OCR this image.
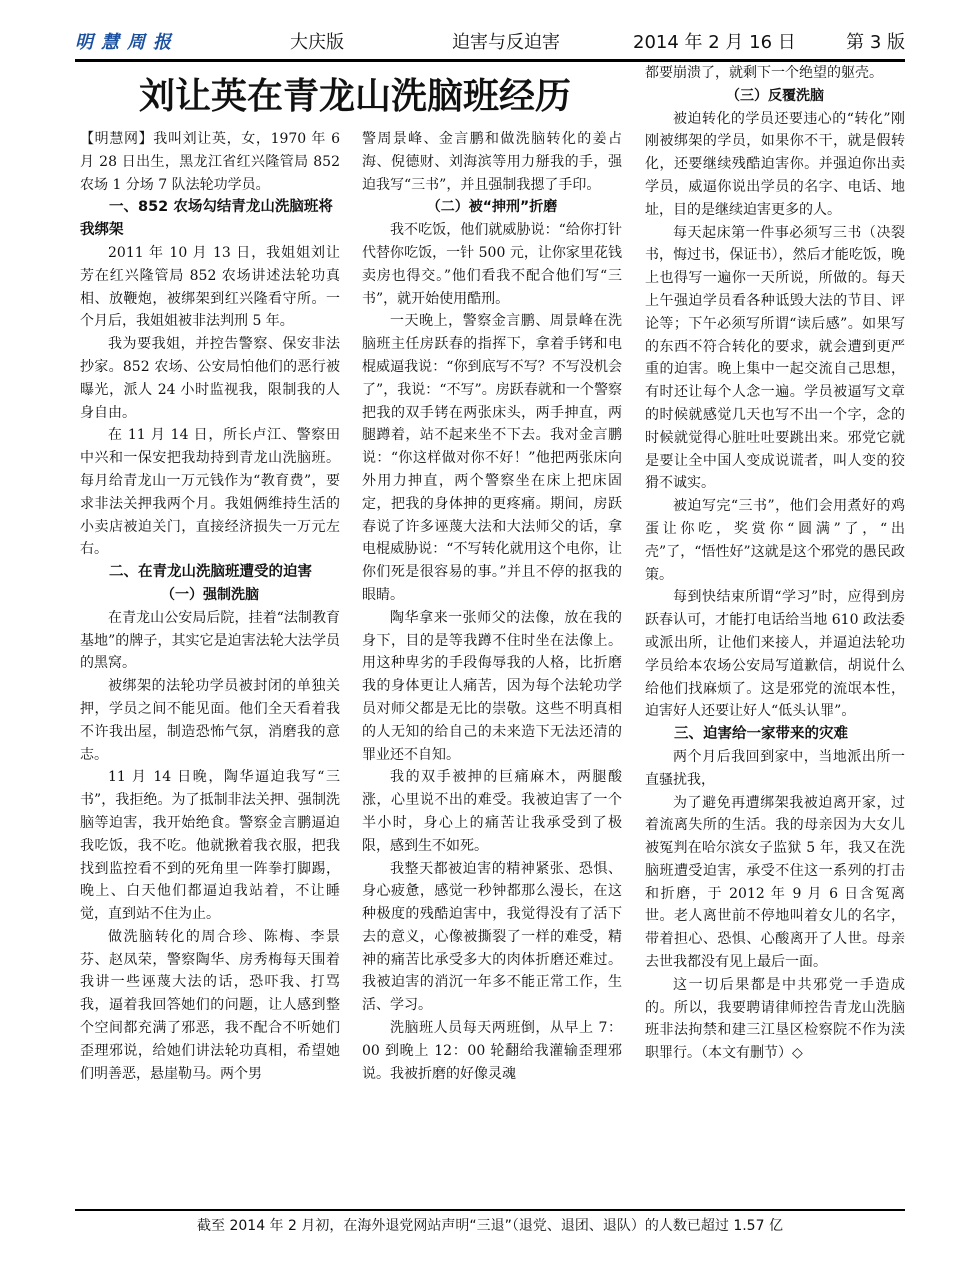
明慧周报	大庆版	迫害与反迫害	2014 年 2 月 16 日	第 3 版
刘让英在青龙山洗脑班经历

【明慧网】我叫刘让英，女，1970 年 6 月 28 日出生，黑龙江省红兴隆管局 852 农场 1 分场 7 队法轮功学员。

一、852 农场勾结青龙山洗脑班将我绑架

2011 年 10 月 13 日，我姐姐刘让芳在红兴隆管局 852 农场讲述法轮功真相、放鞭炮，被绑架到红兴隆看守所。一个月后，我姐姐被非法判刑 5 年。

我为要我姐，并控告警察、保安非法抄家。852 农场、公安局怕他们的恶行被曝光，派人 24 小时监视我，限制我的人身自由。

在 11 月 14 日，所长卢江、警察田中兴和一保安把我劫持到青龙山洗脑班。每月给青龙山一万元钱作为“教育费”，要求非法关押我两个月。我姐俩维持生活的小卖店被迫关门，直接经济损失一万元左右。

二、在青龙山洗脑班遭受的迫害
（一）强制洗脑

在青龙山公安局后院，挂着“法制教育基地”的牌子，其实它是迫害法轮大法学员的黑窝。

被绑架的法轮功学员被封闭的单独关押，学员之间不能见面。他们全天看着我不许我出屋，制造恐怖气氛，消磨我的意志。

11 月 14 日晚，陶华逼迫我写“三书”，我拒绝。为了抵制非法关押、强制洗脑等迫害，我开始绝食。警察金言鹏逼迫我吃饭，我不吃。他就揪着我衣服，把我找到监控看不到的死角里一阵拳打脚踢，晚上、白天他们都逼迫我站着，不让睡觉，直到站不住为止。

做洗脑转化的周合珍、陈梅、李景芬、赵凤荣，警察陶华、房秀梅每天围着我讲一些诬蔑大法的话，恐吓我、打骂我，逼着我回答她们的问题，让人感到整个空间都充满了邪恶，我不配合不听她们歪理邪说，给她们讲法轮功真相，希望她们明善恶，悬崖勒马。两个男

警周景峰、金言鹏和做洗脑转化的姜占海、倪德财、刘海滨等用力掰我的手，强迫我写“三书”，并且强制我摁了手印。

（二）被“抻刑”折磨

我不吃饭，他们就威胁说：“给你打针代替你吃饭，一针 500 元，让你家里花钱卖房也得交。”他们看我不配合他们写“三书”，就开始使用酷刑。

一天晚上，警察金言鹏、周景峰在洗脑班主任房跃春的指挥下，拿着手铐和电棍威逼我说：“你到底写不写？不写没机会了”，我说：“不写”。房跃春就和一个警察把我的双手铐在两张床头，两手抻直，两腿蹲着，站不起来坐不下去。我对金言鹏说：“你这样做对你不好！”他把两张床向外用力抻直，两个警察坐在床上把床固定，把我的身体抻的更疼痛。期间，房跃春说了许多诬蔑大法和大法师父的话，拿电棍威胁说：“不写转化就用这个电你，让你们死是很容易的事。”并且不停的抠我的眼睛。

陶华拿来一张师父的法像，放在我的身下，目的是等我蹲不住时坐在法像上。用这种卑劣的手段侮辱我的人格，比折磨我的身体更让人痛苦，因为每个法轮功学员对师父都是无比的崇敬。这些不明真相的人无知的给自己的未来造下无法还清的罪业还不自知。

我的双手被抻的巨痛麻木，两腿酸涨，心里说不出的难受。我被迫害了一个半小时，身心上的痛苦让我承受到了极限，感到生不如死。

我整天都被迫害的精神紧张、恐惧、身心疲惫，感觉一秒钟都那么漫长，在这种极度的残酷迫害中，我觉得没有了活下去的意义，心像被撕裂了一样的难受，精神的痛苦比承受多大的肉体折磨还难过。我被迫害的消沉一年多不能正常工作，生活、学习。

洗脑班人员每天两班倒，从早上 7：00 到晚上 12：00 轮翻给我灌输歪理邪说。我被折磨的好像灵魂

都要崩溃了，就剩下一个绝望的躯壳。

（三）反覆洗脑

被迫转化的学员还要违心的“转化”刚刚被绑架的学员，如果你不干，就是假转化，还要继续残酷迫害你。并强迫你出卖学员，威逼你说出学员的名字、电话、地址，目的是继续迫害更多的人。

每天起床第一件事必须写三书（决裂书，悔过书，保证书），然后才能吃饭，晚上也得写一遍你一天所说，所做的。每天上午强迫学员看各种诋毁大法的节目、评论等；下午必须写所谓“读后感”。如果写的东西不符合转化的要求，就会遭到更严重的迫害。晚上集中一起交流自己思想，有时还让每个人念一遍。学员被逼写文章的时候就感觉几天也写不出一个字，念的时候就觉得心脏吐吐要跳出来。邪党它就是要让全中国人变成说谎者，叫人变的狡猾不诚实。

被迫写完“三书”，他们会用煮好的鸡蛋让你吃，奖赏你“圆满”了，“出壳”了，“悟性好”这就是这个邪党的愚民政策。

每到快结束所谓“学习”时，应得到房跃春认可，才能打电话给当地 610 政法委或派出所，让他们来接人，并逼迫法轮功学员给本农场公安局写道歉信，胡说什么给他们找麻烦了。这是邪党的流氓本性，迫害好人还要让好人“低头认罪”。

三、迫害给一家带来的灾难

两个月后我回到家中，当地派出所一直骚扰我，

为了避免再遭绑架我被迫离开家，过着流离失所的生活。我的母亲因为大女儿被冤判在哈尔滨女子监狱 5 年，我又在洗脑班遭受迫害，承受不住这一系列的打击和折磨，于 2012 年 9 月 6 日含冤离世。老人离世前不停地叫着女儿的名字，带着担心、恐惧、心酸离开了人世。母亲去世我都没有见上最后一面。

这一切后果都是中共邪党一手造成的。所以，我要聘请律师控告青龙山洗脑班非法拘禁和建三江垦区检察院不作为渎职罪行。（本文有删节）◇

截至 2014 年 2 月初，在海外退党网站声明“三退”（退党、退团、退队）的人数已超过 1.57 亿
